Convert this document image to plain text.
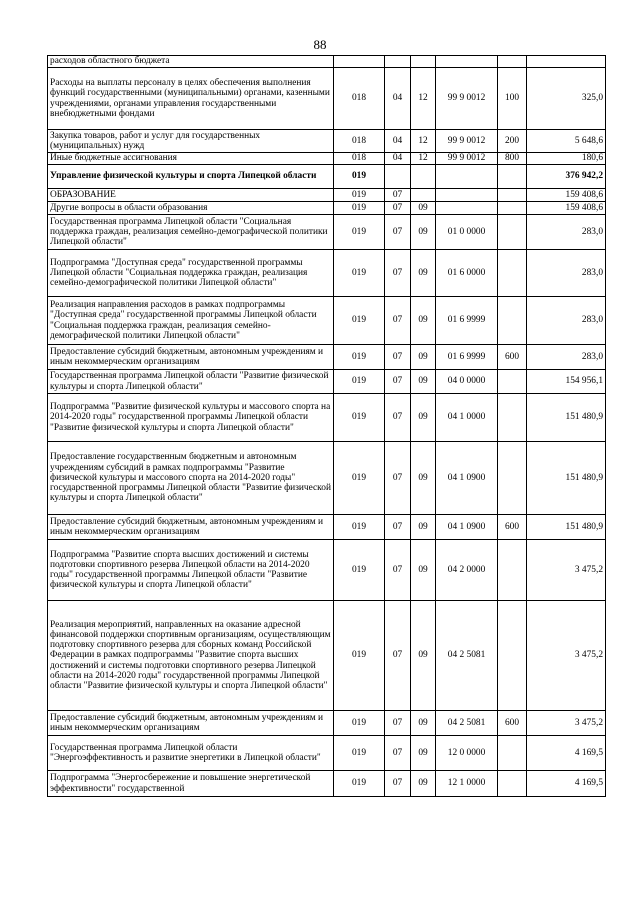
88
расходов областного бюджета						
Расходы на выплаты персоналу в целях обеспечения выполнения функций государственными (муниципальными) органами, казенными учреждениями, органами управления государственными внебюджетными фондами	018	04	12	99 9 0012	100	325,0
Закупка товаров, работ и услуг для государственных (муниципальных) нужд	018	04	12	99 9 0012	200	5 648,6
Иные бюджетные ассигнования	018	04	12	99 9 0012	800	180,6
Управление физической культуры и спорта Липецкой области	019					376 942,2
ОБРАЗОВАНИЕ	019	07				159 408,6
Другие вопросы в области образования	019	07	09			159 408,6
Государственная программа Липецкой области "Социальная поддержка граждан, реализация семейно-демографической политики Липецкой области"	019	07	09	01 0 0000		283,0
Подпрограмма "Доступная среда" государственной программы Липецкой области "Социальная поддержка граждан, реализация семейно-демографической политики Липецкой области"	019	07	09	01 6 0000		283,0
Реализация направления расходов в рамках подпрограммы "Доступная среда" государственной программы Липецкой области "Социальная поддержка граждан, реализация семейно-демографической политики Липецкой области"	019	07	09	01 6 9999		283,0
Предоставление субсидий бюджетным, автономным учреждениям и иным некоммерческим организациям	019	07	09	01 6 9999	600	283,0
Государственная программа Липецкой области "Развитие физической культуры и спорта Липецкой области"	019	07	09	04 0 0000		154 956,1
Подпрограмма "Развитие физической культуры и массового спорта на 2014-2020 годы" государственной программы Липецкой области "Развитие физической культуры и спорта Липецкой области"	019	07	09	04 1 0000		151 480,9
Предоставление государственным бюджетным и автономным учреждениям субсидий в рамках подпрограммы "Развитие физической культуры и массового спорта на 2014-2020 годы" государственной программы Липецкой области "Развитие физической культуры и спорта Липецкой области"	019	07	09	04 1 0900		151 480,9
Предоставление субсидий бюджетным, автономным учреждениям и иным некоммерческим организациям	019	07	09	04 1 0900	600	151 480,9
Подпрограмма "Развитие спорта высших достижений и системы подготовки спортивного резерва Липецкой области на 2014-2020 годы" государственной программы Липецкой области "Развитие физической культуры и спорта Липецкой области"	019	07	09	04 2 0000		3 475,2
Реализация мероприятий, направленных на оказание адресной финансовой поддержки спортивным организациям, осуществляющим подготовку спортивного резерва для сборных команд Российской Федерации в рамках подпрограммы "Развитие спорта высших достижений и системы подготовки спортивного резерва Липецкой области на 2014-2020 годы" государственной программы Липецкой области "Развитие физической культуры и спорта Липецкой области"	019	07	09	04 2 5081		3 475,2
Предоставление субсидий бюджетным, автономным учреждениям и иным некоммерческим организациям	019	07	09	04 2 5081	600	3 475,2
Государственная программа Липецкой области "Энергоэффективность и развитие энергетики в Липецкой области"	019	07	09	12 0 0000		4 169,5
Подпрограмма "Энергосбережение и повышение энергетической эффективности" государственной	019	07	09	12 1 0000		4 169,5
